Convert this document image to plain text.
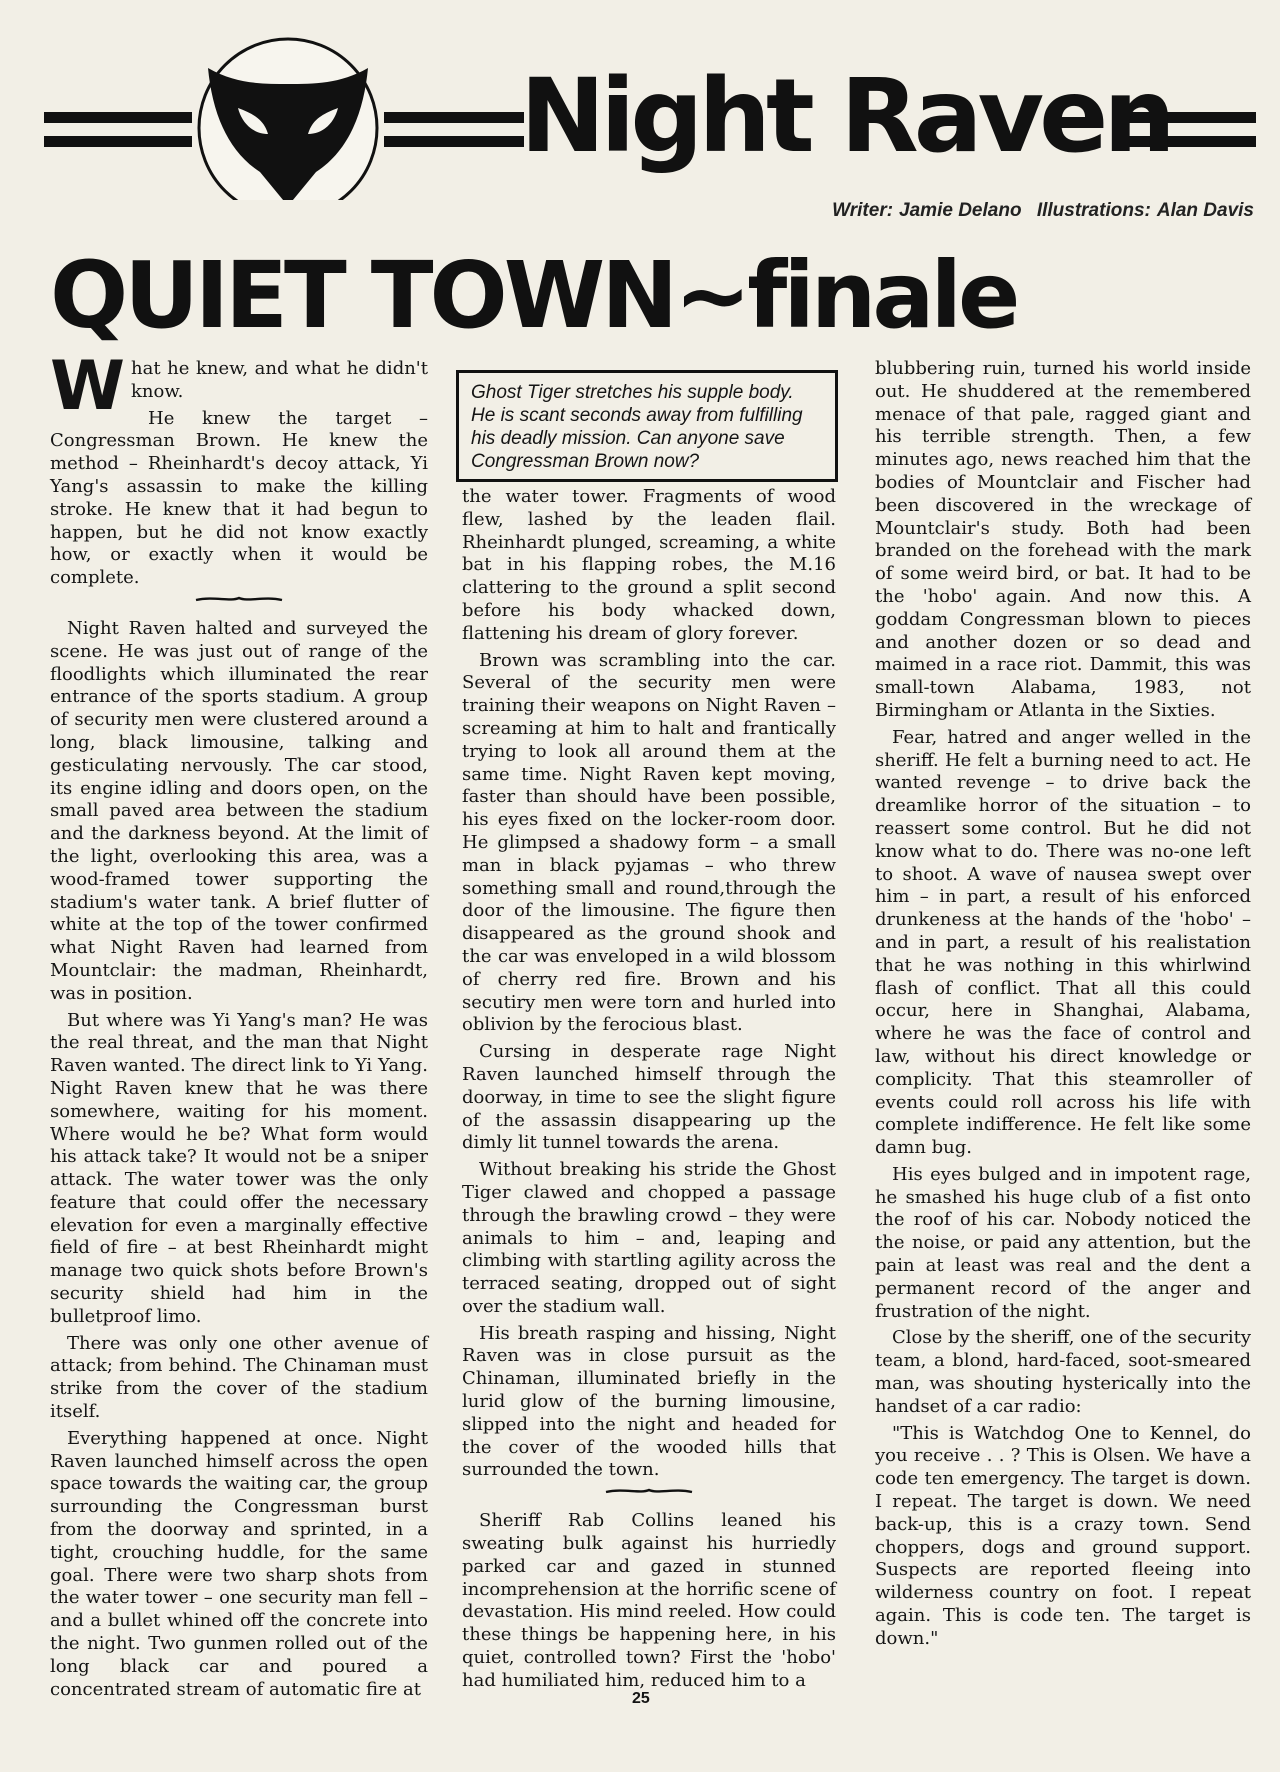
Night Raven
Writer: Jamie Delano Illustrations: Alan Davis
QUIET TOWN~finale

What he knew, and what he didn't know.

He knew the target – Congressman Brown. He knew the method – Rheinhardt's decoy attack, Yi Yang's assassin to make the killing stroke. He knew that it had begun to happen, but he did not know exactly how, or exactly when it would be complete.

Night Raven halted and surveyed the scene. He was just out of range of the floodlights which illuminated the rear entrance of the sports stadium. A group of security men were clustered around a long, black limousine, talking and gesticulating nervously. The car stood, its engine idling and doors open, on the small paved area between the stadium and the darkness beyond. At the limit of the light, overlooking this area, was a wood-framed tower supporting the stadium's water tank. A brief flutter of white at the top of the tower confirmed what Night Raven had learned from Mountclair: the madman, Rheinhardt, was in position.

But where was Yi Yang's man? He was the real threat, and the man that Night Raven wanted. The direct link to Yi Yang. Night Raven knew that he was there somewhere, waiting for his moment. Where would he be? What form would his attack take? It would not be a sniper attack. The water tower was the only feature that could offer the necessary elevation for even a marginally effective field of fire – at best Rheinhardt might manage two quick shots before Brown's security shield had him in the bulletproof limo.

There was only one other avenue of attack; from behind. The Chinaman must strike from the cover of the stadium itself.

Everything happened at once. Night Raven launched himself across the open space towards the waiting car, the group surrounding the Congressman burst from the doorway and sprinted, in a tight, crouching huddle, for the same goal. There were two sharp shots from the water tower – one security man fell – and a bullet whined off the concrete into the night. Two gunmen rolled out of the long black car and poured a concentrated stream of automatic fire at

Ghost Tiger stretches his supple body. He is scant seconds away from fulfilling his deadly mission. Can anyone save Congressman Brown now?

the water tower. Fragments of wood flew, lashed by the leaden flail. Rheinhardt plunged, screaming, a white bat in his flapping robes, the M.16 clattering to the ground a split second before his body whacked down, flattening his dream of glory forever.

Brown was scrambling into the car. Several of the security men were training their weapons on Night Raven – screaming at him to halt and frantically trying to look all around them at the same time. Night Raven kept moving, faster than should have been possible, his eyes fixed on the locker-room door. He glimpsed a shadowy form – a small man in black pyjamas – who threw something small and round,through the door of the limousine. The figure then disappeared as the ground shook and the car was enveloped in a wild blossom of cherry red fire. Brown and his secutiry men were torn and hurled into oblivion by the ferocious blast.

Cursing in desperate rage Night Raven launched himself through the doorway, in time to see the slight figure of the assassin disappearing up the dimly lit tunnel towards the arena.

Without breaking his stride the Ghost Tiger clawed and chopped a passage through the brawling crowd – they were animals to him – and, leaping and climbing with startling agility across the terraced seating, dropped out of sight over the stadium wall.

His breath rasping and hissing, Night Raven was in close pursuit as the Chinaman, illuminated briefly in the lurid glow of the burning limousine, slipped into the night and headed for the cover of the wooded hills that surrounded the town.

Sheriff Rab Collins leaned his sweating bulk against his hurriedly parked car and gazed in stunned incomprehension at the horrific scene of devastation. His mind reeled. How could these things be happening here, in his quiet, controlled town? First the 'hobo' had humiliated him, reduced him to a

blubbering ruin, turned his world inside out. He shuddered at the remembered menace of that pale, ragged giant and his terrible strength. Then, a few minutes ago, news reached him that the bodies of Mountclair and Fischer had been discovered in the wreckage of Mountclair's study. Both had been branded on the forehead with the mark of some weird bird, or bat. It had to be the 'hobo' again. And now this. A goddam Congressman blown to pieces and another dozen or so dead and maimed in a race riot. Dammit, this was small-town Alabama, 1983, not Birmingham or Atlanta in the Sixties.

Fear, hatred and anger welled in the sheriff. He felt a burning need to act. He wanted revenge – to drive back the dreamlike horror of the situation – to reassert some control. But he did not know what to do. There was no-one left to shoot. A wave of nausea swept over him – in part, a result of his enforced drunkeness at the hands of the 'hobo' – and in part, a result of his realistation that he was nothing in this whirlwind flash of conflict. That all this could occur, here in Shanghai, Alabama, where he was the face of control and law, without his direct knowledge or complicity. That this steamroller of events could roll across his life with complete indifference. He felt like some damn bug.

His eyes bulged and in impotent rage, he smashed his huge club of a fist onto the roof of his car. Nobody noticed the the noise, or paid any attention, but the pain at least was real and the dent a permanent record of the anger and frustration of the night.

Close by the sheriff, one of the security team, a blond, hard-faced, soot-smeared man, was shouting hysterically into the handset of a car radio:

"This is Watchdog One to Kennel, do you receive . . ? This is Olsen. We have a code ten emergency. The target is down. I repeat. The target is down. We need back-up, this is a crazy town. Send choppers, dogs and ground support. Suspects are reported fleeing into wilderness country on foot. I repeat again. This is code ten. The target is down."

25
